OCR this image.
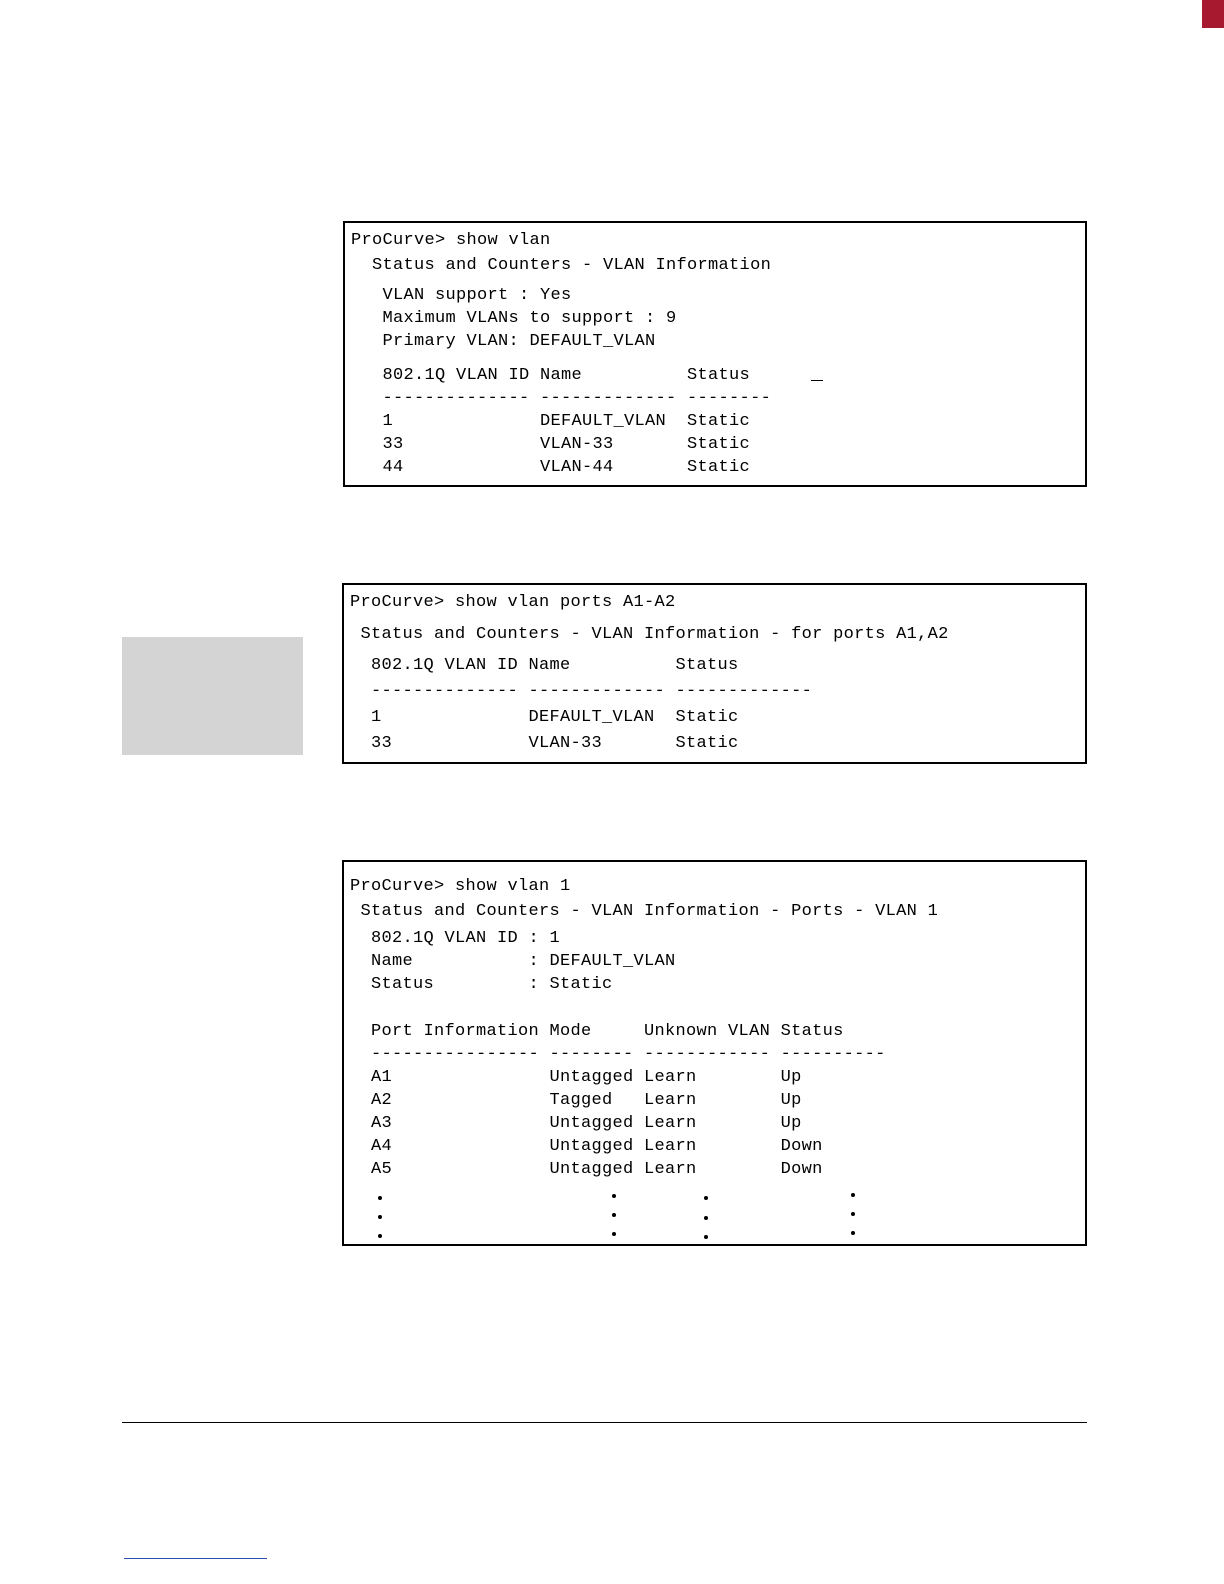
ProCurve> show vlan
Status and Counters - VLAN Information
VLAN support : Yes
Maximum VLANs to support : 9
Primary VLAN: DEFAULT_VLAN
802.1Q VLAN ID Name          Status
-------------- ------------- --------
1              DEFAULT_VLAN  Static
33             VLAN-33       Static
44             VLAN-44       Static
ProCurve> show vlan ports A1-A2
Status and Counters - VLAN Information - for ports A1,A2
802.1Q VLAN ID Name          Status
-------------- ------------- -------------
1              DEFAULT_VLAN  Static
33             VLAN-33       Static
ProCurve> show vlan 1
Status and Counters - VLAN Information - Ports - VLAN 1
802.1Q VLAN ID : 1
Name           : DEFAULT_VLAN
Status         : Static
Port Information Mode     Unknown VLAN Status
---------------- -------- ------------ ----------
A1               Untagged Learn        Up
A2               Tagged   Learn        Up
A3               Untagged Learn        Up
A4               Untagged Learn        Down
A5               Untagged Learn        Down
